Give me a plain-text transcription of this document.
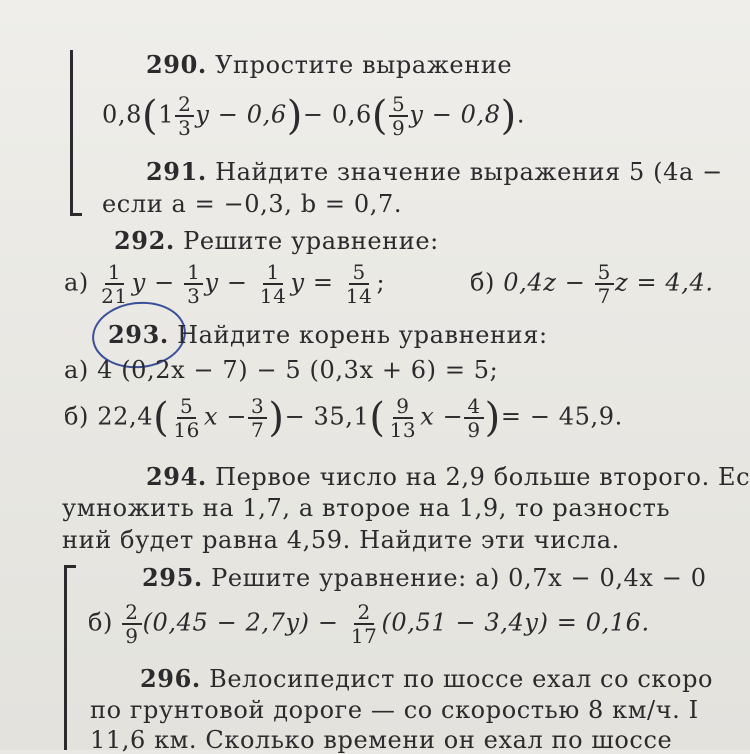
290. Упростите выражение
$0,8(1 \frac{2}{3}$ $y - 0,6)- 0,6( \frac{5}{9}$ y − 0,8).
291. Найдите значение выражения 5 (4a −
если a = −0,3, b = 0,7.
292. Решите уравнение:
$а) \frac{1}{21}$ $y - \frac{1}{3}$ $y - \frac{1}{14}$ $y = \frac{5}{14}$ ;	б) $0,4z - \frac{5}{7}$ z = 4,4.
293. Найдите корень уравнения:
а) 4 (0,2x − 7) − 5 (0,3x + 6) = 5;
б) $22,4( \frac{5}{16}$ $x - \frac{3}{7}$ )− $35,1( \frac{9}{13}$ $x - \frac{4}{9}$ )= − 45,9.
294. Первое число на 2,9 больше второго. Ес
умножить на 1,7, а второе на 1,9, то разность
ний будет равна 4,59. Найдите эти числа.
295. Решите уравнение: а) 0,7x − 0,4x − 0
$б) \frac{2}{9} (0,45 - 2,7y) - \frac{2}{17} (0,51 - 3,4y) = 0,16$.
296. Велосипедист по шоссе ехал со скоро
по грунтовой дороге — со скоростью 8 км/ч. I
11,6 км. Сколько времени он ехал по шоссе
